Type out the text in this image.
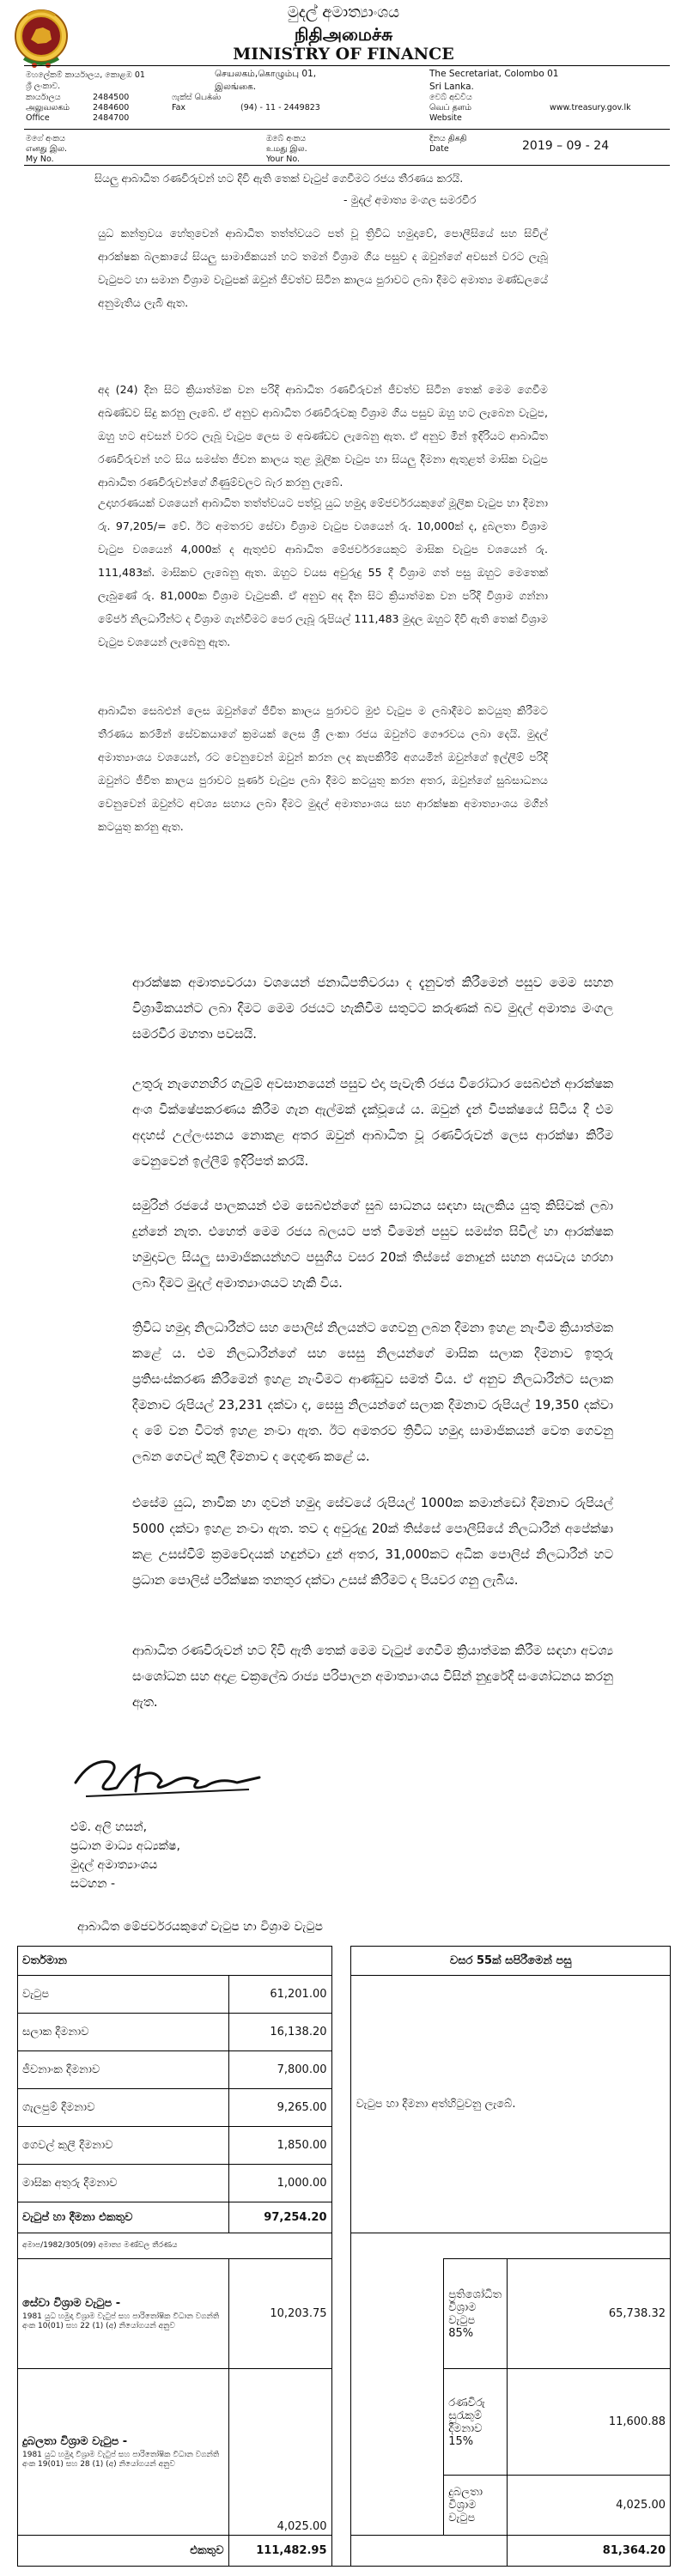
මුදල් අමාත්‍යාංශය
நிதிஅமைச்சு
MINISTRY OF FINANCE
මහලේකම් කාර්යාලය, කොළඹ 01	செயலகம்,கொழும்பு 01,	The Secretariat, Colombo 01
ශ්‍රී ලංකාව.	இலங்கை.	Sri Lanka.
කාර්යාලය அலுவலகம் Office
2484500
2484600
2484700
ෆැක්ස් பெக்ஸ் Fax	(94) - 11 - 2449823
වෙබ් අඩවිය வெப் தளம் Website
www.treasury.gov.lk
මගේ අංකය எனது இல. My No.
ඔබේ අංකය உமது இல. Your No.
දිනය திகதி Date	2019 – 09 - 24
සියලු ආබාධිත රණවිරුවන් හට දිවි ඇති තෙක් වැටුප් ගෙවීමට රජය තීරණය කරයි.
- මුදල් අමාත්‍ය මංගල සමරවීර
යුධ කන්ත්‍රවය හේතුවෙන් ආබාධිත තත්ත්වයට පත් වූ ත්‍රිවිධ හමුදාවේ, පොලීසියේ සහ සිවිල් ආරක්ෂක බලකායේ සියලු සාමාජිකයන් හට තමන් විශ්‍රාම ගිය පසුව ද ඔවුන්ගේ අවසන් වරට ලැබූ වැටුපට හා සමාන විශ්‍රාම වැටුපක් ඔවුන් ජීවත්ව සිටින කාලය පුරාවට ලබා දීමට අමාත්‍ය මණ්ඩලයේ අනුමැතිය ලැබී ඇත.
අද (24) දින සිට ක්‍රියාත්මක වන පරිදි ආබාධිත රණවිරුවන් ජීවත්ව සිටින තෙක් මෙම ගෙවීම අඛණ්ඩව සිදු කරනු ලැබේ. ඒ අනුව ආබාධිත රණවිරුවකු විශ්‍රාම ගිය පසුව ඔහු හට ලැබෙන වැටුප, ඔහු හට අවසන් වරට ලැබූ වැටුප ලෙස ම අඛණ්ඩව ලැබෙනු ඇත. ඒ අනුව මින් ඉදිරියට ආබාධිත රණවිරුවන් හට සිය සමස්ත ජීවන කාලය තුළ මූලික වැටුප හා සියලු දීමනා ඇතුළත් මාසික වැටුප ආබාධිත රණවිරුවන්ගේ ගිණුම්වලට බැර කරනු ලැබේ.
උදාහරණයක් වශයෙන් ආබාධිත තත්ත්වයට පත්වූ යුධ හමුදා මේජර්වරයකුගේ මූලික වැටුප හා දීමනා රු. 97,205/= වේ. ඊට අමතරව සේවා විශ්‍රාම වැටුප වශයෙන් රු. 10,000ක් ද, දුබලතා විශ්‍රාම වැටුප වශයෙන් 4,000ක් ද ඇතුළුව ආබාධිත මේජර්වරයෙකුට මාසික වැටුප වශයෙන් රු. 111,483ක්. මාසිකව ලැබෙනු ඇත. ඔහුට වයස අවුරුදු 55 දී විශ්‍රාම ගත් පසු ඔහුට මෙතෙක් ලැබුණේ රු. 81,000ක විශ්‍රාම වැටුපකි. ඒ අනුව අද දින සිට ක්‍රියාත්මක වන පරිදි විශ්‍රාම ගන්නා මේජර් නිලධාරීන්ට ද විශ්‍රාම ගැන්වීමට පෙර ලැබූ රුපියල් 111,483 මුදල ඔහුට දිවි ඇති තෙක් විශ්‍රාම වැටුප වශයෙන් ලැබෙනු ඇත.
ආබාධිත සෙබළුන් ලෙස ඔවුන්ගේ ජීවිත කාලය පුරාවට මුළු වැටුප ම ලබාදීමට කටයුතු කිරීමට තීරණය කරමින් සේවකයාගේ ක්‍රමයක් ලෙස ශ්‍රී ලංකා රජය ඔවුන්ට ගෞරවය ලබා දෙයි. මුදල් අමාත්‍යාංශය වශයෙන්, රට වෙනුවෙන් ඔවුන් කරන ලද කැපකිරීම් අගයමින් ඔවුන්ගේ ඉල්ලීම් පරිදි ඔවුන්ට ජීවිත කාලය පුරාවට පූර්ණ වැටුප ලබා දීමට කටයුතු කරන අතර, ඔවුන්ගේ සුබසාධනය වෙනුවෙන් ඔවුන්ට අවශ්‍ය සහාය ලබා දීමට මුදල් අමාත්‍යාංශය සහ ආරක්ෂක අමාත්‍යාංශය මගින් කටයුතු කරනු ඇත.
ආරක්ෂක අමාත්‍යවරයා වශයෙන් ජනාධිපතිවරයා ද දැනුවත් කිරීමෙන් පසුව මෙම සහන විශ්‍රාමිකයන්ට ලබා දීමට මෙම රජයට හැකිවීම සතුටට කරුණක් බව මුදල් අමාත්‍ය මංගල සමරවීර මහතා පවසයි.
උතුරු නැගෙනහිර ගැටුම් අවසානයෙන් පසුව එදා පැවැති රජය විරෝධාර සෙබළුන් ආරක්ෂක අංශ වික්ෂේපකරණය කිරීම ගැන ඇල්මක් දැක්වූයේ ය. ඔවුන් දැන් විපක්ෂයේ සිටිය දී එම අදහස් උල්ලංඝනය නොකළ අතර ඔවුන් ආබාධිත වූ රණවිරුවන් ලෙස ආරක්ෂා කිරීම වෙනුවෙන් ඉල්ලීම් ඉදිරිපත් කරයි.
සමුරින් රජයේ පාලකයන් එම සෙබළුන්ගේ සුබ සාධනය සඳහා සැලකිය යුතු කිසිවක් ලබා දුන්නේ නැත. එහෙත් මෙම රජය බලයට පත් වීමෙන් පසුව සමස්ත සිවිල් හා ආරක්ෂක හමුදාවල සියලු සාමාජිකයන්හට පසුගිය වසර 20ක් තිස්සේ නොදුන් සහන අයවැය හරහා ලබා දීමට මුදල් අමාත්‍යාංශයට හැකි විය.
ත්‍රිවිධ හමුදා නිලධාරීන්ට සහ පොලිස් නිලයන්ට ගෙවනු ලබන දීමනා ඉහළ නැංවීම ක්‍රියාත්මක කළේ ය. එම නිලධාරීන්ගේ සහ සෙසු නිලයන්ගේ මාසික සලාක දීමනාව ඉතුරු ප්‍රතිසංස්කරණ කිරීමෙන් ඉහළ නැංවීමට ආණ්ඩුව සමත් විය. ඒ අනුව නිලධාරීන්ට සලාක දීමනාව රුපියල් 23,231 දක්වා ද, සෙසු නිලයන්ගේ සලාක දීමනාව රුපියල් 19,350 දක්වා ද මේ වන විටත් ඉහළ නංවා ඇත. ඊට අමතරව ත්‍රිවිධ හමුදා සාමාජිකයන් වෙත ගෙවනු ලබන ගෙවල් කුලී දීමනාව ද දෙගුණ කළේ ය.
එසේම යුධ, නාවික හා ගුවන් හමුදා සේවයේ රුපියල් 1000ක කමාන්ඩෝ දීමනාව රුපියල් 5000 දක්වා ඉහළ නංවා ඇත. තව ද අවුරුදු 20ක් තිස්සේ පොලීසියේ නිලධාරීන් අපේක්ෂා කළ උසස්වීම් ක්‍රමවේදයක් හඳුන්වා දුන් අතර, 31,000කට අධික පොලිස් නිලධාරීන් හට ප්‍රධාන පොලිස් පරීක්ෂක තනතුර දක්වා උසස් කිරීමට ද පියවර ගනු ලැබීය.
ආබාධිත රණවිරුවන් හට දිවි ඇති තෙක් මෙම වැටුප් ගෙවීම ක්‍රියාත්මක කිරීම සඳහා අවශ්‍ය සංශෝධන සහ අදාළ චක්‍රලේඛ රාජ්‍ය පරිපාලන අමාත්‍යාංශය විසින් නුදුරේදී සංශෝධනය කරනු ඇත.
එම්. අලි හසන්,
ප්‍රධාන මාධ්‍ය අධ්‍යක්ෂ,
මුදල් අමාත්‍යාංශය
සටහන -
ආබාධිත මේජර්වරයකුගේ වැටුප හා විශ්‍රාම වැටුප
වර්තමාන			වසර 55ක් සපිරීමෙන් පසු		
වැටුප	61,201.00		වැටුප හා දීමනා අත්හිටුවනු ලැබේ.		
සලාක දීමනාව	16,138.20				
ජීවනාංක දීමනාව	7,800.00				
ගැලපුම් දීමනාව	9,265.00				
ගෙවල් කුලී දීමනාව	1,850.00				
මාසික අතුරු දීමනාව	1,000.00				
වැටුප් හා දීමනා එකතුව	97,254.20				
අමාප/1982/305(09) අමාත්‍ය මණ්ඩල තීරණය					

සේවා විශ්‍රාම වැටුප -
1981 යුධ හමුදා විශ්‍රාම වැටුප් සහ පාරිතෝෂික විධාන වගන්ති අංක 10(01) සහ 22 (1) (අ) නියෝගයන් අනුව	10,203.75			ප්‍රතිශෝධිත විශ්‍රාම වැටුප 85%	65,738.32

දුබලතා විශ්‍රාම වැටුප -
1981 යුධ හමුදා විශ්‍රාම වැටුප් සහ පාරිතෝෂික විධාන වගන්ති අංක 19(01) සහ 28 (1) (අ) නියෝගයන් අනුව	4,025.00			රණවිරු සුරැකුම් දීමනාව 15%	11,600.88
				දුබලතා විශ්‍රාම වැටුප	4,025.00
එකතුව	111,482.95				81,364.20
